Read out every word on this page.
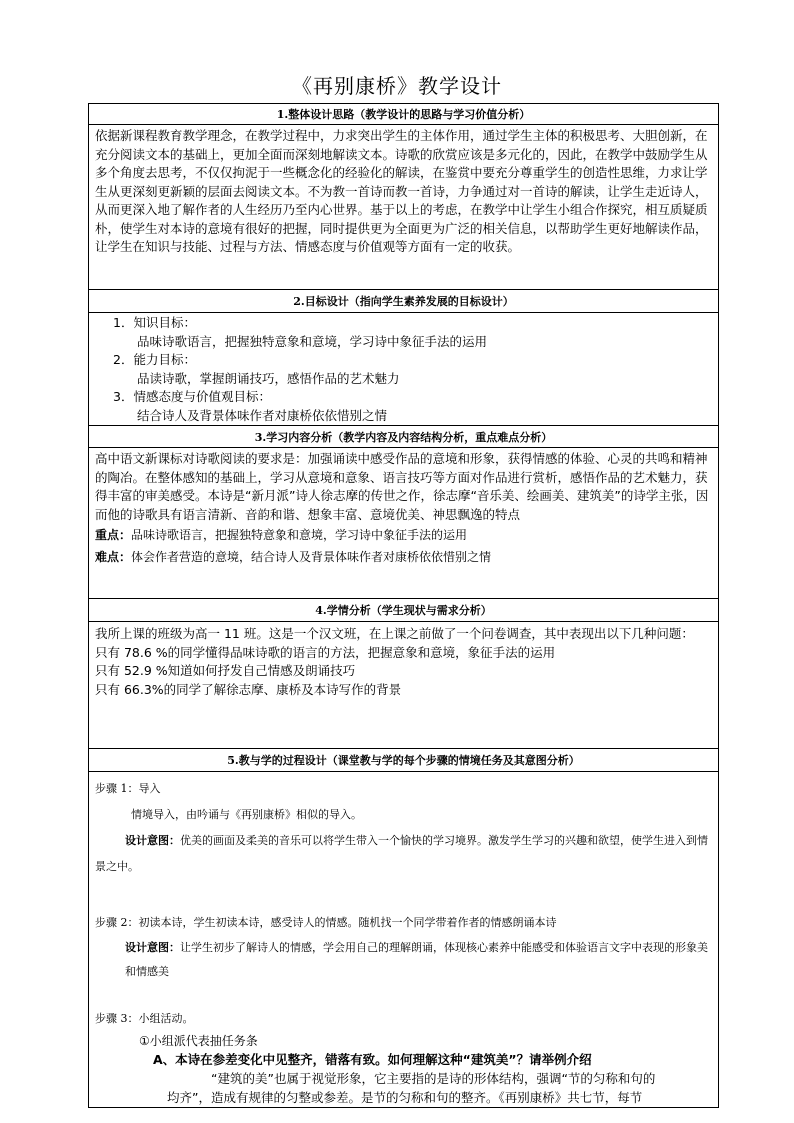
《再别康桥》教学设计
1.整体设计思路（教学设计的思路与学习价值分析）

依据新课程教育教学理念，在教学过程中，力求突出学生的主体作用，通过学生主体的积极思考、大胆创新，在充分阅读文本的基础上，更加全面而深刻地解读文本。诗歌的欣赏应该是多元化的，因此，在教学中鼓励学生从多个角度去思考，不仅仅拘泥于一些概念化的经验化的解读，在鉴赏中要充分尊重学生的创造性思维，力求让学生从更深刻更新颖的层面去阅读文本。不为教一首诗而教一首诗，力争通过对一首诗的解读，让学生走近诗人，从而更深入地了解作者的人生经历乃至内心世界。基于以上的考虑，在教学中让学生小组合作探究，相互质疑质朴，使学生对本诗的意境有很好的把握，同时提供更为全面更为广泛的相关信息，以帮助学生更好地解读作品，让学生在知识与技能、过程与方法、情感态度与价值观等方面有一定的收获。

2.目标设计（指向学生素养发展的目标设计）

1．知识目标：

品味诗歌语言，把握独特意象和意境，学习诗中象征手法的运用

2．能力目标：

品读诗歌，掌握朗诵技巧，感悟作品的艺术魅力

3．情感态度与价值观目标：

结合诗人及背景体味作者对康桥依依惜别之情

3.学习内容分析（教学内容及内容结构分析，重点难点分析）

高中语文新课标对诗歌阅读的要求是：加强诵读中感受作品的意境和形象，获得情感的体验、心灵的共鸣和精神的陶冶。在整体感知的基础上，学习从意境和意象、语言技巧等方面对作品进行赏析，感悟作品的艺术魅力，获得丰富的审美感受。本诗是“新月派”诗人徐志摩的传世之作，徐志摩“音乐美、绘画美、建筑美”的诗学主张，因而他的诗歌具有语言清新、音韵和谐、想象丰富、意境优美、神思飘逸的特点

重点：品味诗歌语言，把握独特意象和意境，学习诗中象征手法的运用

难点：体会作者营造的意境，结合诗人及背景体味作者对康桥依依惜别之情

4.学情分析（学生现状与需求分析）

我所上课的班级为高一 11 班。这是一个汉文班，在上课之前做了一个问卷调查，其中表现出以下几种问题：

只有 78.6 %的同学懂得品味诗歌的语言的方法，把握意象和意境，象征手法的运用

只有 52.9 %知道如何抒发自己情感及朗诵技巧

只有 66.3%的同学了解徐志摩、康桥及本诗写作的背景

5.教与学的过程设计（课堂教与学的每个步骤的情境任务及其意图分析）

步骤 1：导入

情境导入，由吟诵与《再别康桥》相似的导入。

设计意图：优美的画面及柔美的音乐可以将学生带入一个愉快的学习境界。激发学生学习的兴趣和欲望，使学生进入到情景之中。

步骤 2：初读本诗，学生初读本诗，感受诗人的情感。随机找一个同学带着作者的情感朗诵本诗

设计意图：让学生初步了解诗人的情感，学会用自己的理解朗诵，体现核心素养中能感受和体验语言文字中表现的形象美和情感美

步骤 3：小组活动。

①小组派代表抽任务条

A、本诗在参差变化中见整齐，错落有致。如何理解这种“建筑美”？请举例介绍

“建筑的美”也属于视觉形象，它主要指的是诗的形体结构，强调“节的匀称和句的

均齐”，造成有规律的匀整或参差。是节的匀称和句的整齐。《再别康桥》共七节，每节
